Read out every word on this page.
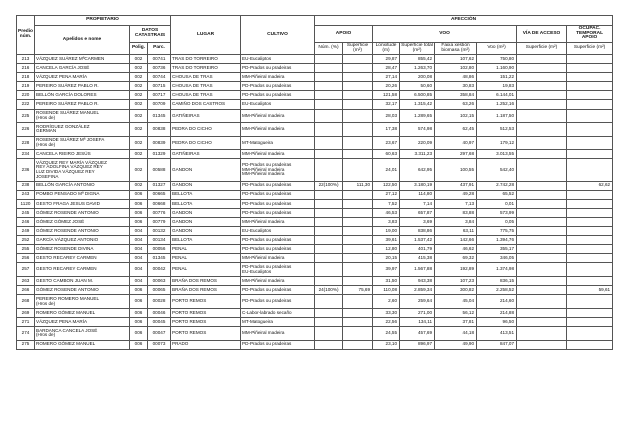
Predio núm.	PROPIETARIO			LUGAR	CULTIVO	AFECCIÓN							
	Apelidos e nome	DATOS CATASTRAIS				APOIO		VOO				VÍA DE ACCESO	OCUPAC. TEMPORAL APOIO
		Polig.	Parc.			Núm. (%)	Superficie (m²)	Lonxitude (m)	Superficie total (m²)	Faixa xestión biomasa (m²)	Voo (m²)	Superficie (m²)	Superficie (m²)
213	VÁZQUEZ SUÁREZ MªCARMEN	002	00741	TRAS DO TORREIRO	EU-Eucaliptos			29,87	855,42	107,62	750,80		
216	CANCELA GARCÍA JOSÉ	002	00736	TRAS DO TORREIRO	PD-Prados ou pradeiras			28,47	1.263,70	102,80	1.160,90		
218	VÁZQUEZ PENA MARÍA	002	00744	CHOUSA DE TRAS	MM-Piñeiral madeira			27,14	200,08	48,86	151,22		
219	PEREIRO SUÁREZ PABLO R.	002	00715	CHOUSA DE TRAS	PD-Prados ou pradeiras			20,26	50,60	30,83	19,83		
220	BELLÓN GARCÍA DOLORES	002	00717	CHOUSA DE TRAS	PD-Prados ou pradeiras			121,58	6.500,85	358,84	6.144,01		
222	PEREIRO SUÁREZ PABLO R.	002	00709	CAMIÑO DOS CASTROS	EU-Eucaliptos			32,17	1.315,42	63,26	1.252,16		
225	ROSENDE SUÁREZ MANUEL
(Hros de)	002	01345	GATIÑEIRAS	MM-Piñeiral madeira			28,03	1.289,65	102,15	1.187,50		
226	RODRÍGUEZ GONZÁLEZ
GERMAN	002	00838	PEDRA DO CICHO	MM-Piñeiral madeira			17,38	574,98	62,45	512,53		
228	ROSENDE SUÁREZ Mª JOSEFA
(Hros de)	002	00839	PEDRA DO CICHO	MT-Matogueira			23,67	220,09	40,97	179,12		
234	CANCELA RIEIRO JESÚS	002	01329	GATIÑEIRAS	MM-Piñeiral madeira			60,63	3.311,23	297,68	3.013,55		
236	VÁZQUEZ REY MARÍA VÁZQUEZ
REY ADOLFINA VÁZQUEZ REY
LUZ DIVIDA VÁZQUEZ REY
JOSEFINA	002	00588	GANDON	PD-Prados ou pradeiras
MM-Piñeiral madeira
MM-Piñeiral madeira			24,01	642,95	100,55	542,40		
238	BELLÓN GARCÍA ANTONIO	002	01327	GANDON	PD-Prados ou pradeiras	22(100%)	111,30	122,50	3.180,19	437,91	2.742,28		62,62
243	POMBO PENSADO Mª DIGNA	006	00665	BELLOTA	PD-Prados ou pradeiras			27,12	114,80	49,28	65,52		
1120	GESTO FRAGA JESUS DAVID	006	00668	BELLOTA	PD-Prados ou pradeiras			7,52	7,14	7,13	0,01		
245	GÓMEZ ROSENDE ANTONIO	006	00776	GANDON	PD-Prados ou pradeiras			46,53	657,87	83,88	573,99		
246	GÓMEZ GÓMEZ JOSÉ	006	00779	GANDON	MM-Piñeiral madeira			3,83	3,69	3,84	0,05		
249	GÓMEZ ROSENDE ANTONIO	004	00132	GANDON	EU-Eucaliptos			19,00	838,86	63,11	775,75		
252	GARCÍA VÁZQUEZ ANTONIO	004	00134	BELLOTA	PD-Prados ou pradeiras			39,61	1.537,42	142,66	1.394,76		
255	GÓMEZ ROSENDE DIVINA	004	00056	PENAL	PD-Prados ou pradeiras			12,80	401,79	46,62	355,17		
256	GESTO RECAREY CARMEN	004	01345	PENAL	MM-Piñeiral madeira			20,15	415,38	69,32	346,05		
257	GESTO RECAREY CARMEN	004	00042	PENAL	PD-Prados ou pradeiras
EU-Eucaliptos			39,97	1.567,88	192,89	1.374,98		
263	GESTO CAMBON JUAN M.	004	00063	BRAÑA DOS REMOS	MM-Piñeiral madeira			31,50	943,38	107,23	836,15		
266	GÓMEZ ROSENDE ANTONIO	006	00065	BRAÑA DOS REMOS	PD-Prados ou pradeiras	24(100%)	75,69	110,08	2.859,34	300,82	2.258,52		59,61
268	PEREIRO ROMERO MANUEL
(Hros de)	006	00028	PORTO REMOS	PD-Prados ou pradeiras			2,60	259,64	45,04	214,60		
269	ROMERO GÓMEZ MANUEL	006	00046	PORTO REMOS	C-Labor-labrado secaño			33,30	271,00	56,12	214,88		
271	VÁZQUEZ PENA MARÍA	006	00045	PORTO REMOS	MT-Matogueira			22,56	134,11	37,81	96,50		
274	BARDANCA CANCELA JOSÉ
(Hros de)	006	00047	PORTO REMOS	MM-Piñeiral madeira			24,55	457,69	44,18	413,51		
275	ROMERO GÓMEZ MANUEL	006	00073	PRADO	PD-Prados ou pradeiras			23,10	896,97	49,90	847,07		
